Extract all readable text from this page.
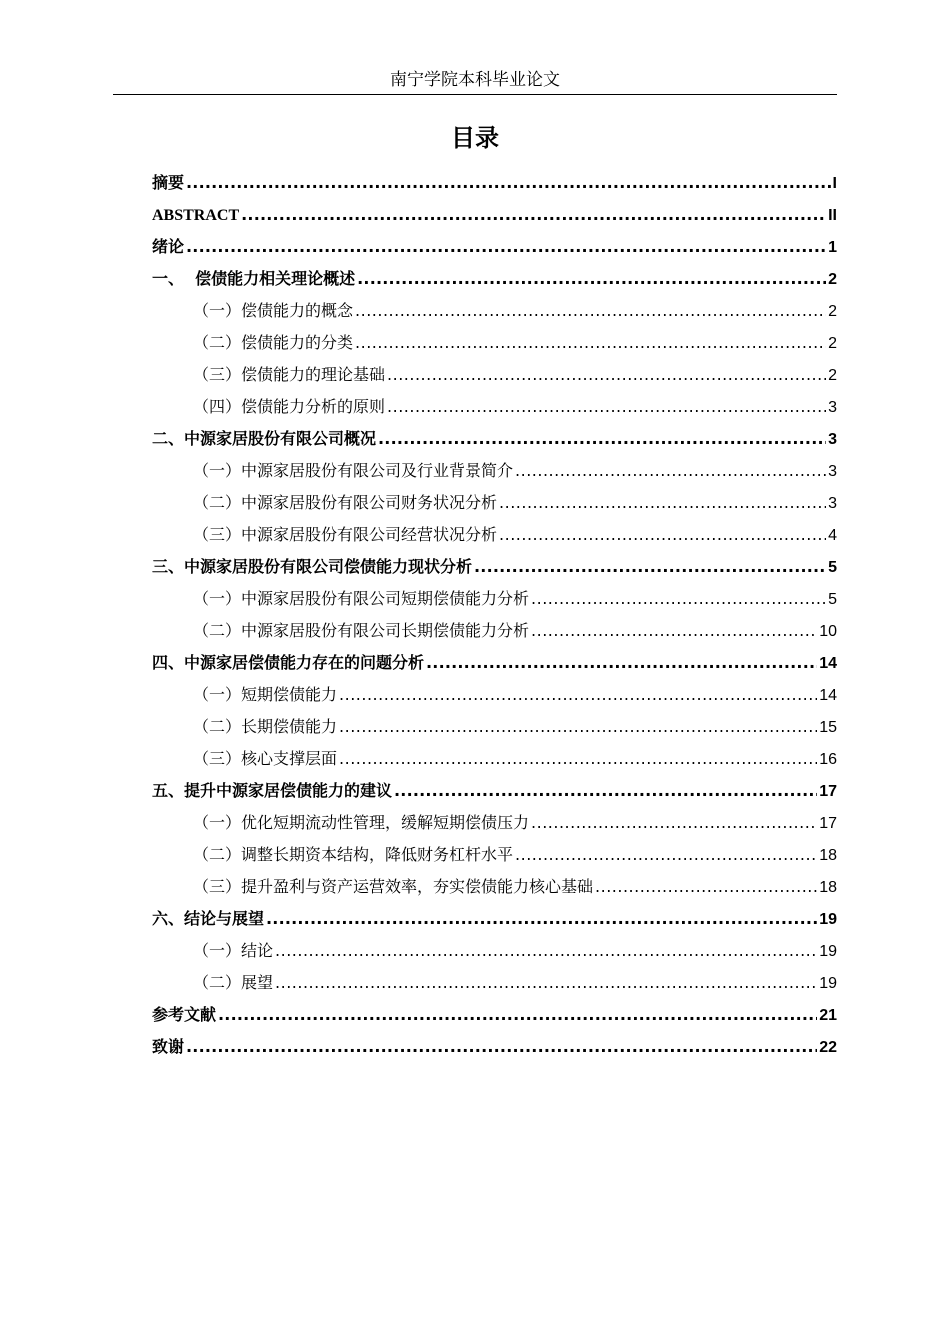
南宁学院本科毕业论文
目录
摘要 .....	I
ABSTRACT .....	II
绪论 .....	1
一、  偿债能力相关理论概述 .....	2
（一）偿债能力的概念 .....	2
（二）偿债能力的分类 .....	2
（三）偿债能力的理论基础 .....	2
（四）偿债能力分析的原则 .....	3
二、中源家居股份有限公司概况 .....	3
（一）中源家居股份有限公司及行业背景简介 .....	3
（二）中源家居股份有限公司财务状况分析 .....	3
（三）中源家居股份有限公司经营状况分析 .....	4
三、中源家居股份有限公司偿债能力现状分析 .....	5
（一）中源家居股份有限公司短期偿债能力分析 .....	5
（二）中源家居股份有限公司长期偿债能力分析 .....	10
四、中源家居偿债能力存在的问题分析 .....	14
（一）短期偿债能力 .....	14
（二）长期偿债能力 .....	15
（三）核心支撑层面 .....	16
五、提升中源家居偿债能力的建议 .....	17
（一）优化短期流动性管理，缓解短期偿债压力 .....	17
（二）调整长期资本结构，降低财务杠杆水平 .....	18
（三）提升盈利与资产运营效率，夯实偿债能力核心基础 .....	18
六、结论与展望 .....	19
（一）结论 .....	19
（二）展望 .....	19
参考文献 .....	21
致谢 .....	22
